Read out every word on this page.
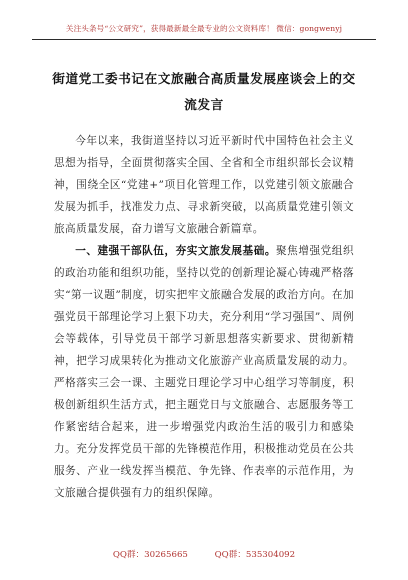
关注头条号“公文研究”，获得最新最全最专业的公文资料库！ 微信：gongwenyj
街道党工委书记在文旅融合高质量发展座谈会上的交流发言

今年以来，我街道坚持以习近平新时代中国特色社会主义思想为指导，全面贯彻落实全国、全省和全市组织部长会议精神，围绕全区“党建+”项目化管理工作，以党建引领文旅融合发展为抓手，找准发力点、寻求新突破，以高质量党建引领文旅高质量发展，奋力谱写文旅融合新篇章。

一、建强干部队伍，夯实文旅发展基础。聚焦增强党组织的政治功能和组织功能，坚持以党的创新理论凝心铸魂严格落实“第一议题”制度，切实把牢文旅融合发展的政治方向。在加强党员干部理论学习上狠下功夫，充分利用“学习强国”、周例会等载体，引导党员干部学习新思想落实新要求、贯彻新精神，把学习成果转化为推动文化旅游产业高质量发展的动力。严格落实三会一课、主题党日理论学习中心组学习等制度，积极创新组织生活方式，把主题党日与文旅融合、志愿服务等工作紧密结合起来，进一步增强党内政治生活的吸引力和感染力。充分发挥党员干部的先锋模范作用，积极推动党员在公共服务、产业一线发挥当模范、争先锋、作表率的示范作用，为文旅融合提供强有力的组织保障。

QQ群：30265665	QQ群：535304092
